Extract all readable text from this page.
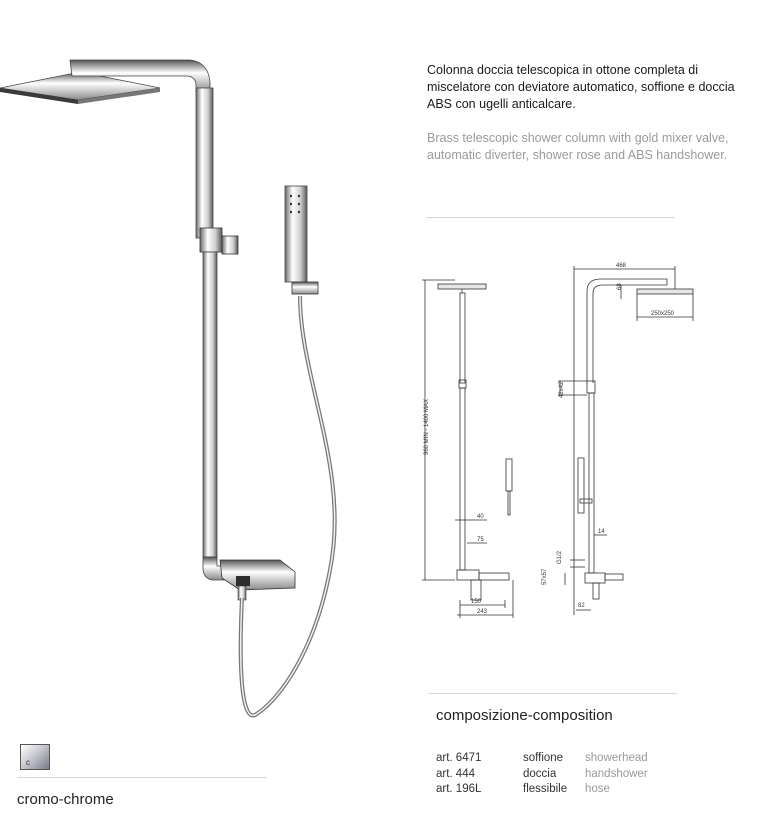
Colonna doccia telescopica in ottone completa di miscelatore con deviatore automatico, soffione e doccia ABS con ugelli anticalcare.
Brass telescopic shower column with gold mixer valve, automatic diverter, shower rose and ABS handshower.
960 MIN - 1400 MAX
40
75
150
243
468
68
250x250
42x42
14
G1/2
57x57
82
composizione-composition
art. 6471	soffione	showerhead
art. 444	doccia	handshower
art. 196L	flessibile	hose
c
cromo-chrome
